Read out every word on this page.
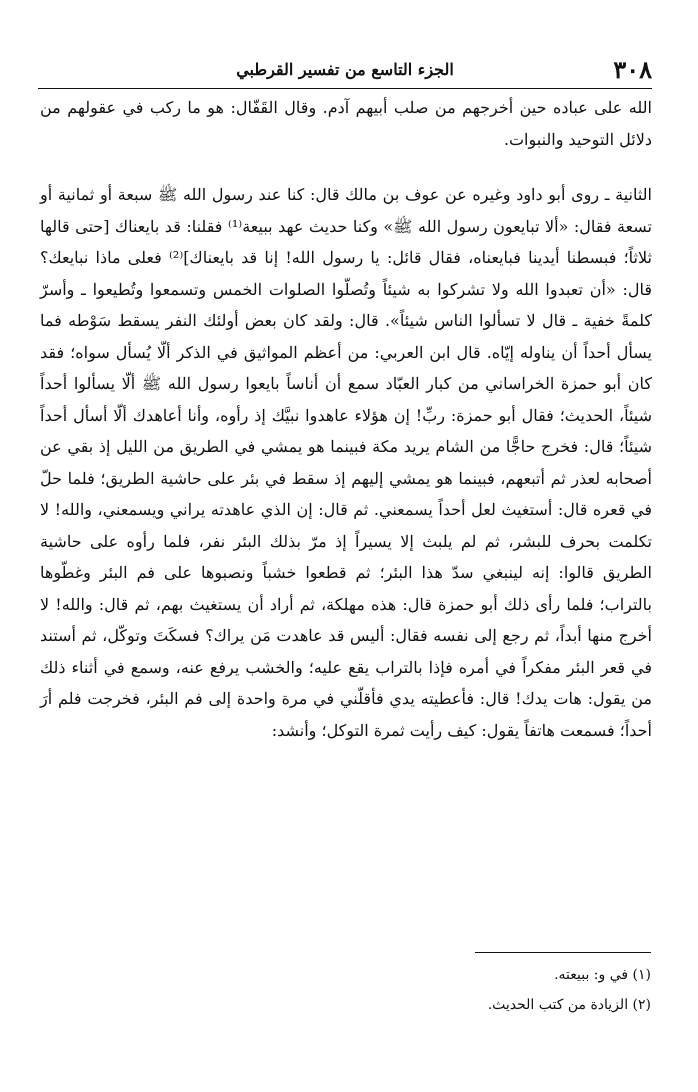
٣٠٨
الجزء التاسع من تفسير القرطبي

الله على عباده حين أخرجهم من صلب أبيهم آدم. وقال القَفّال: هو ما ركب في عقولهم من دلائل التوحيد والنبوات.

الثانية ـ روى أبو داود وغيره عن عوف بن مالك قال: كنا عند رسول الله ﷺ سبعة أو ثمانية أو تسعة فقال: «ألا تبايعون رسول الله ﷺ» وكنا حديث عهد ببيعة⁽¹⁾ فقلنا: قد بايعناك [حتى قالها ثلاثاً؛ فبسطنا أيدينا فبايعناه، فقال قائل: يا رسول الله! إنا قد بايعناك]⁽²⁾ فعلى ماذا نبايعك؟ قال: «أن تعبدوا الله ولا تشركوا به شيئاً وتُصلّوا الصلوات الخمس وتسمعوا وتُطيعوا ـ وأسرّ كلمةً خفية ـ قال لا تسألوا الناس شيئاً». قال: ولقد كان بعض أولئك النفر يسقط سَوْطه فما يسأل أحداً أن يناوله إيّاه. قال ابن العربي: من أعظم المواثيق في الذكر ألّا يُسأل سواه؛ فقد كان أبو حمزة الخراساني من كبار العبّاد سمع أن أناساً بايعوا رسول الله ﷺ ألّا يسألوا أحداً شيئاً، الحديث؛ فقال أبو حمزة: ربِّ! إن هؤلاء عاهدوا نبيَّك إذ رأوه، وأنا أعاهدك ألّا أسأل أحداً شيئاً؛ قال: فخرج حاجًّا من الشام يريد مكة فبينما هو يمشي في الطريق من الليل إذ بقي عن أصحابه لعذر ثم أتبعهم، فبينما هو يمشي إليهم إذ سقط في بئر على حاشية الطريق؛ فلما حلّ في قعره قال: أستغيث لعل أحداً يسمعني. ثم قال: إن الذي عاهدته يراني ويسمعني، والله! لا تكلمت بحرف للبشر، ثم لم يلبث إلا يسيراً إذ مرّ بذلك البئر نفر، فلما رأوه على حاشية الطريق قالوا: إنه لينبغي سدّ هذا البئر؛ ثم قطعوا خشباً ونصبوها على فم البئر وغطّوها بالتراب؛ فلما رأى ذلك أبو حمزة قال: هذه مهلكة، ثم أراد أن يستغيث بهم، ثم قال: والله! لا أخرج منها أبداً، ثم رجع إلى نفسه فقال: أليس قد عاهدت مَن يراك؟ فسكَتَ وتوكّل، ثم أستند في قعر البئر مفكراً في أمره فإذا بالتراب يقع عليه؛ والخشب يرفع عنه، وسمع في أثناء ذلك من يقول: هات يدك! قال: فأعطيته يدي فأقلّني في مرة واحدة إلى فم البئر، فخرجت فلم أرَ أحداً؛ فسمعت هاتفاً يقول: كيف رأيت ثمرة التوكل؛ وأنشد:

(١) في و: ببيعته.

(٢) الزيادة من كتب الحديث.
